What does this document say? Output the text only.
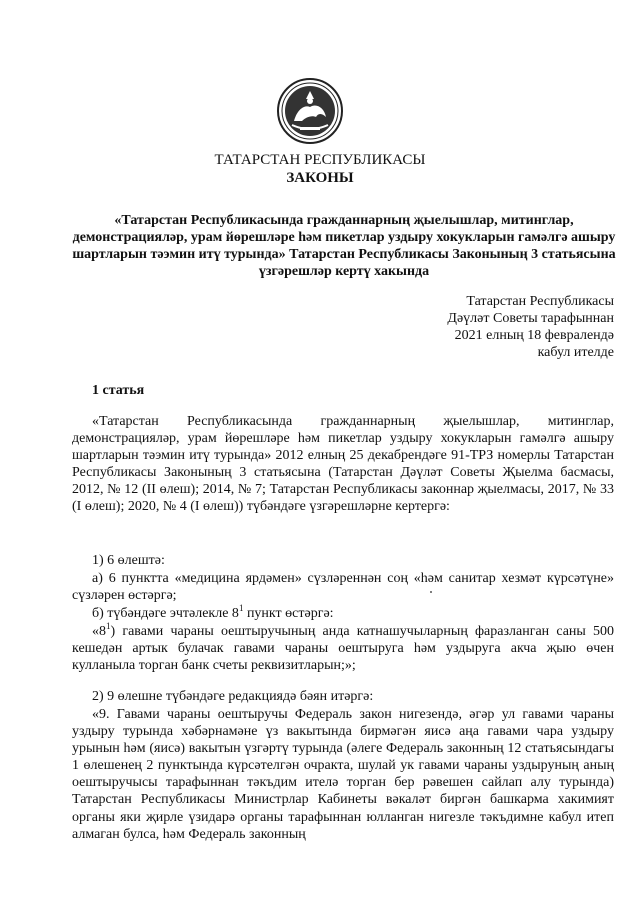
ТАТАРСТАН РЕСПУБЛИКАСЫ
ЗАКОНЫ
«Татарстан Республикасында гражданнарның җыелышлар, митинглар, демонстрацияләр, урам йөрешләре һәм пикетлар уздыру хокукларын гамәлгә ашыру шартларын тәэмин итү турында» Татарстан Республикасы Законының 3 статьясына үзгәрешләр кертү хакында
Татарстан Республикасы
Дәүләт Советы тарафыннан
2021 елның 18 февралендә
кабул ителде
1 статья

«Татарстан Республикасында гражданнарның җыелышлар, митинглар, демонстрацияләр, урам йөрешләре һәм пикетлар уздыру хокукларын гамәлгә ашыру шартларын тәэмин итү турында» 2012 елның 25 декабрендәге 91-ТРЗ номерлы Татарстан Республикасы Законының 3 статьясына (Татарстан Дәүләт Советы Җыелма басмасы, 2012, № 12 (II өлеш); 2014, № 7; Татарстан Республикасы законнар җыелмасы, 2017, № 33 (I өлеш); 2020, № 4 (I өлеш)) түбәндәге үзгәрешләрне кертергә:

1) 6 өлештә:

а) 6 пунктта «медицина ярдәмен» сүзләреннән соң «һәм санитар хезмәт күрсәтүне» сүзләрен өстәргә;

б) түбәндәге эчтәлекле $8^1$ пункт өстәргә:

«$8^1$) гавами чараны оештыручының анда катнашучыларның фаразланган саны 500 кешедән артык булачак гавами чараны оештыруга һәм уздыруга акча җыю өчен кулланыла торган банк счеты реквизитларын;»;

2) 9 өлешне түбәндәге редакциядә бәян итәргә:

«9. Гавами чараны оештыручы Федераль закон нигезендә, әгәр ул гавами чараны уздыру турында хәбәрнамәне үз вакытында бирмәгән яисә аңа гавами чара уздыру урынын һәм (яисә) вакытын үзгәртү турында (әлеге Федераль законның 12 статьясындагы 1 өлешенең 2 пунктында күрсәтелгән очракта, шулай ук гавами чараны уздыруның аның оештыручысы тарафыннан тәкъдим ителә торган бер рәвешен сайлап алу турында) Татарстан Республикасы Министрлар Кабинеты вәкаләт биргән башкарма хакимият органы яки җирле үзидарә органы тарафыннан юлланган нигезле тәкъдимне кабул итеп алмаган булса, һәм Федераль законның
